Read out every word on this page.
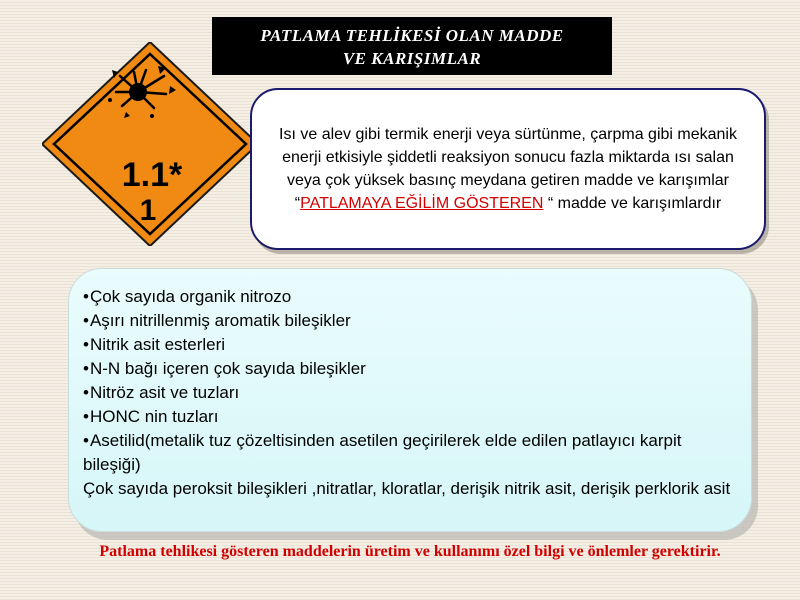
PATLAMA TEHLİKESİ OLAN MADDE
VE KARIŞIMLAR
1.1*
1
Isı ve alev gibi termik enerji veya sürtünme, çarpma gibi mekanik enerji etkisiyle şiddetli reaksiyon sonucu fazla miktarda ısı salan veya çok yüksek basınç meydana getiren madde ve karışımlar “PATLAMAYA EĞİLİM GÖSTEREN “ madde ve karışımlardır
•Çok sayıda organik nitrozo
•Aşırı nitrillenmiş aromatik bileşikler
•Nitrik asit esterleri
•N-N bağı içeren çok sayıda bileşikler
•Nitröz asit ve tuzları
•HONC nin tuzları
•Asetilid(metalik tuz çözeltisinden asetilen geçirilerek elde edilen patlayıcı karpit bileşiği)

Çok sayıda peroksit bileşikleri ,nitratlar, kloratlar, derişik nitrik asit, derişik perklorik asit

Patlama tehlikesi gösteren maddelerin üretim ve kullanımı özel bilgi ve önlemler gerektirir.
